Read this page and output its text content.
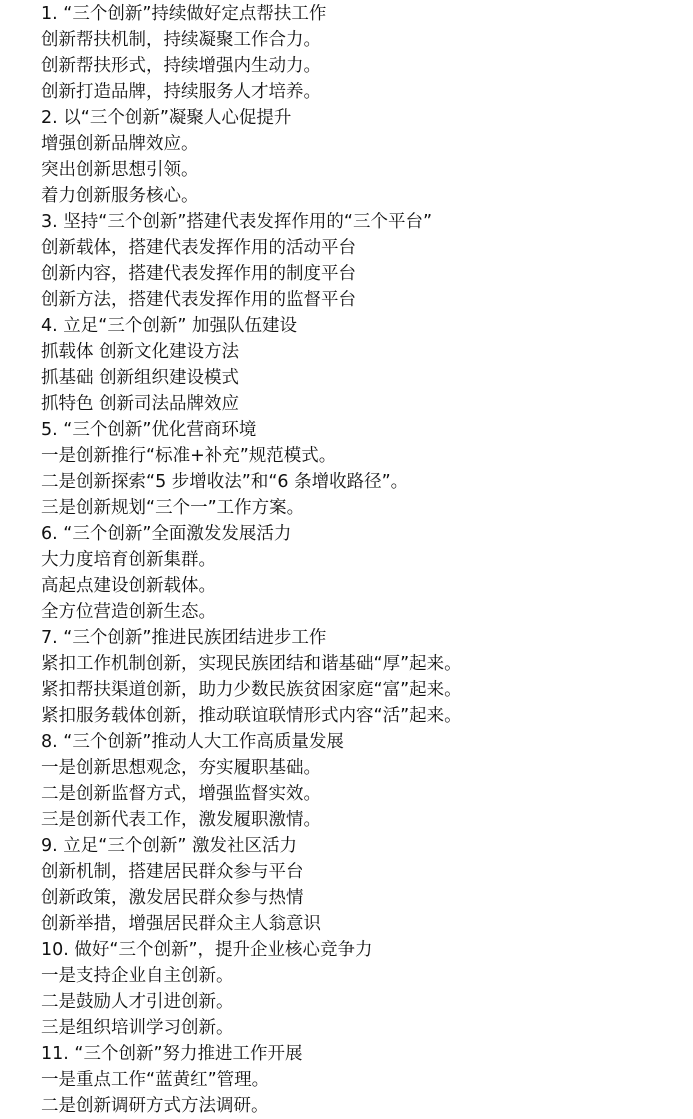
1. “三个创新”持续做好定点帮扶工作
创新帮扶机制，持续凝聚工作合力。
创新帮扶形式，持续增强内生动力。
创新打造品牌，持续服务人才培养。
2. 以“三个创新”凝聚人心促提升
增强创新品牌效应。
突出创新思想引领。
着力创新服务核心。
3. 坚持“三个创新”搭建代表发挥作用的“三个平台”
创新载体，搭建代表发挥作用的活动平台
创新内容，搭建代表发挥作用的制度平台
创新方法，搭建代表发挥作用的监督平台
4. 立足“三个创新” 加强队伍建设
抓载体 创新文化建设方法
抓基础 创新组织建设模式
抓特色 创新司法品牌效应
5. “三个创新”优化营商环境
一是创新推行“标准+补充”规范模式。
二是创新探索“5 步增收法”和“6 条增收路径”。
三是创新规划“三个一”工作方案。
6. “三个创新”全面激发发展活力
大力度培育创新集群。
高起点建设创新载体。
全方位营造创新生态。
7. “三个创新”推进民族团结进步工作
紧扣工作机制创新，实现民族团结和谐基础“厚”起来。
紧扣帮扶渠道创新，助力少数民族贫困家庭“富”起来。
紧扣服务载体创新，推动联谊联情形式内容“活”起来。
8. “三个创新”推动人大工作高质量发展
一是创新思想观念，夯实履职基础。
二是创新监督方式，增强监督实效。
三是创新代表工作，激发履职激情。
9. 立足“三个创新” 激发社区活力
创新机制，搭建居民群众参与平台
创新政策，激发居民群众参与热情
创新举措，增强居民群众主人翁意识
10. 做好“三个创新”，提升企业核心竞争力
一是支持企业自主创新。
二是鼓励人才引进创新。
三是组织培训学习创新。
11. “三个创新”努力推进工作开展
一是重点工作“蓝黄红”管理。
二是创新调研方式方法调研。
